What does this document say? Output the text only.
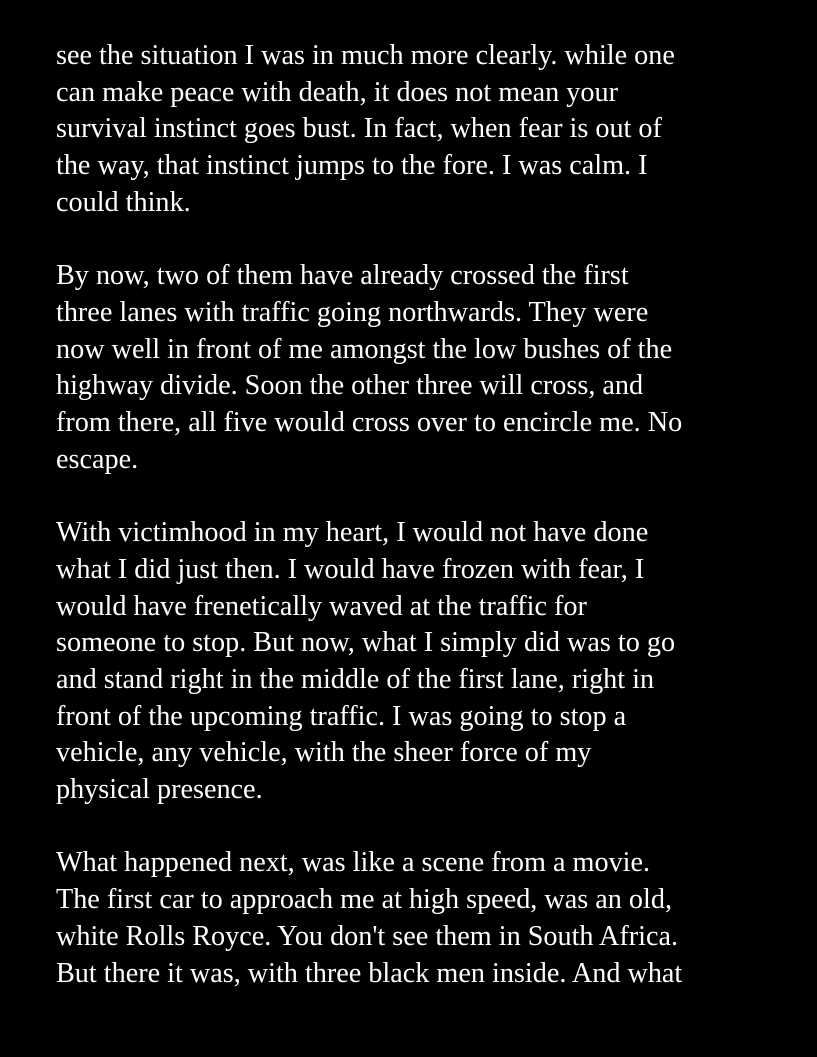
see the situation I was in much more clearly. while one
can make peace with death, it does not mean your
survival instinct goes bust. In fact, when fear is out of
the way, that instinct jumps to the fore. I was calm. I
could think.

By now, two of them have already crossed the first
three lanes with traffic going northwards. They were
now well in front of me amongst the low bushes of the
highway divide. Soon the other three will cross, and
from there, all five would cross over to encircle me. No
escape.

With victimhood in my heart, I would not have done
what I did just then. I would have frozen with fear, I
would have frenetically waved at the traffic for
someone to stop. But now, what I simply did was to go
and stand right in the middle of the first lane, right in
front of the upcoming traffic. I was going to stop a
vehicle, any vehicle, with the sheer force of my
physical presence.

What happened next, was like a scene from a movie.
The first car to approach me at high speed, was an old,
white Rolls Royce. You don't see them in South Africa.
But there it was, with three black men inside. And what
